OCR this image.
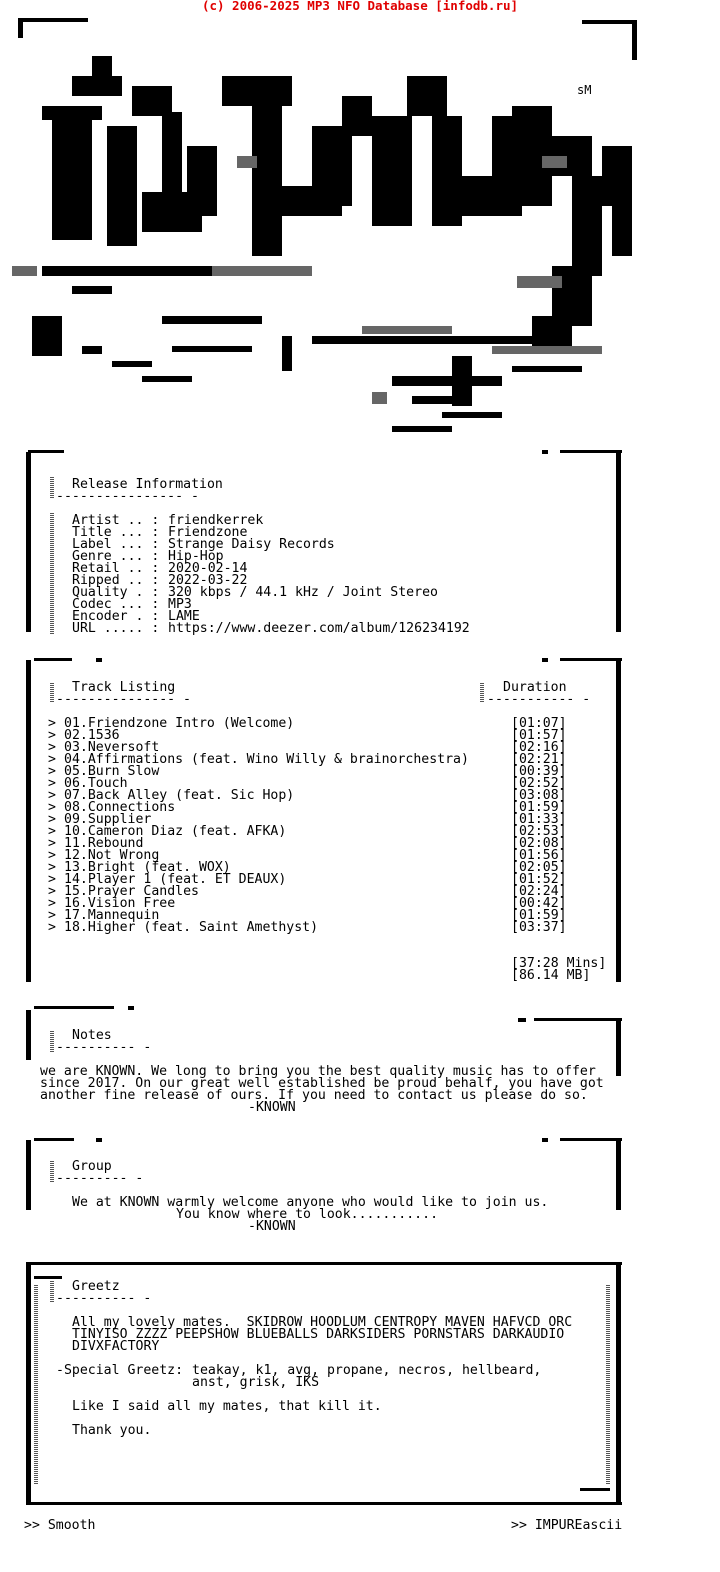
(c) 2006-2025 MP3 NFO Database [infodb.ru]
sM
Release Information
---------------- -
Artist .. : friendkerrek
Title ... : Friendzone
Label ... : Strange Daisy Records
Genre ... : Hip-Hop
Retail .. : 2020-02-14
Ripped .. : 2022-03-22
Quality . : 320 kbps / 44.1 kHz / Joint Stereo
Codec ... : MP3
Encoder . : LAME
URL ..... : https://www.deezer.com/album/126234192
Track Listing
--------------- -
Duration
----------- -
> 01.Friendzone Intro (Welcome)	[01:07]
> 02.1536	[01:57]
> 03.Neversoft	[02:16]
> 04.Affirmations (feat. Wino Willy & brainorchestra)	[02:21]
> 05.Burn Slow	[00:39]
> 06.Touch	[02:52]
> 07.Back Alley (feat. Sic Hop)	[03:08]
> 08.Connections	[01:59]
> 09.Supplier	[01:33]
> 10.Cameron Diaz (feat. AFKA)	[02:53]
> 11.Rebound	[02:08]
> 12.Not Wrong	[01:56]
> 13.Bright (feat. WOX)	[02:05]
> 14.Player 1 (feat. ET DEAUX)	[01:52]
> 15.Prayer Candles	[02:24]
> 16.Vision Free	[00:42]
> 17.Mannequin	[01:59]
> 18.Higher (feat. Saint Amethyst)	[03:37]
[37:28 Mins]
[86.14 MB]
Notes
---------- -
we are KNOWN. We long to bring you the best quality music has to offer
since 2017. On our great well established be proud behalf, you have got
another fine release of ours. If you need to contact us please do so.
-KNOWN
Group
--------- -
We at KNOWN warmly welcome anyone who would like to join us.
You know where to look...........
-KNOWN
Greetz
---------- -
All my lovely mates.  SKIDROW HOODLUM CENTROPY MAVEN HAFVCD ORC
TINYISO ZZZZ PEEPSHOW BLUEBALLS DARKSIDERS PORNSTARS DARKAUDIO
DIVXFACTORY
-Special Greetz: teakay, k1, avg, propane, necros, hellbeard,
anst, grisk, IKS
Like I said all my mates, that kill it.
Thank you.
>> Smooth	>> IMPUREascii
